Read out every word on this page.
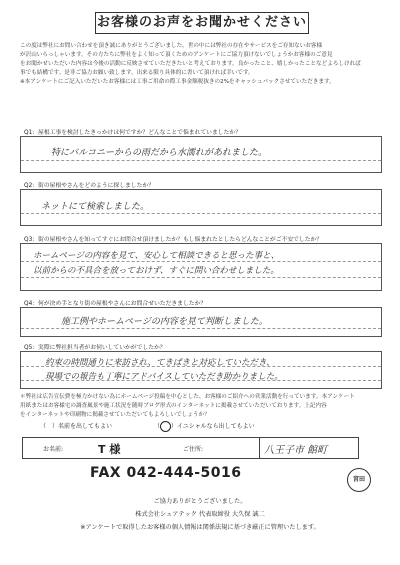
お客様のお声をお聞かせください

この度は弊社にお問い合わせを頂き誠にありがとうございました。世の中には弊社の存在やサービスをご存知ないお客様

が沢山いらっしゃいます。その方たちに弊社をよく知って頂くためのアンケートにご協力頂けないでしょうかお客様のご意見

をお聞かせいただいた内容は今後の活動に反映させていただきたいと考えております。良かったこと、嬉しかったことなどよろしければ

事でも結構です。是非ご協力お願い致します。出来る限り具体的に書いて頂ければ幸いです。

※本アンケートにご記入いただいたお客様には工事ご用命の際工事金額税抜きの2%をキャッシュバックさせていただきます。

Q1：屋根工事を検討したきっかけは何ですか？どんなことで悩まれていましたか？
特にバルコニーからの雨だから水濡れがあれました。
Q2：街の屋根やさんをどのように探しましたか？
ネットにて検索しました。
Q3：街の屋根やさんを知ってすぐにお問合せ頂けましたか？もし悩まれたとしたらどんなことがご不安でしたか？
ホームページの内容を見て、安心して相談できると思った事と、
以前からの不具合を放っておけず、すぐに問い合わせしました。
Q4：何が決め手となり街の屋根やさんにお問合せいただきましたか？
施工例やホームページの内容を見て判断しました。
Q5：実際に弊社担当者がお伺いしていかがでしたか？
約束の時間通りに来訪され、てきぱきと対応していただき、
現場での報告も丁寧にアドバイスしていただき助かりました。

＊弊社は広告宣伝費を極力かけない為にホームページ投稿を中心とした、お客様のご紹介への営業活動を行っています。本アンケート

用紙またはお客様宅の調査風景や施工状況を随時ブログ形式のインターネットに掲載させていただいております。上記内容

をインターネットや印刷物に掲載させていただいてもよろしいでしょうか？

（　）名前を出してもよい	（ ）イニシャルなら出してもよい
お名前:	T 様	ご住所:	八王子市 館町
FAX 042-444-5016	宮田
ご協力ありがとうございました。
株式会社シェアテック 代表取締役 大久保 誠二
※アンケートで取得したお客様の個人情報は関係法規に基づき厳正に管理いたします。
